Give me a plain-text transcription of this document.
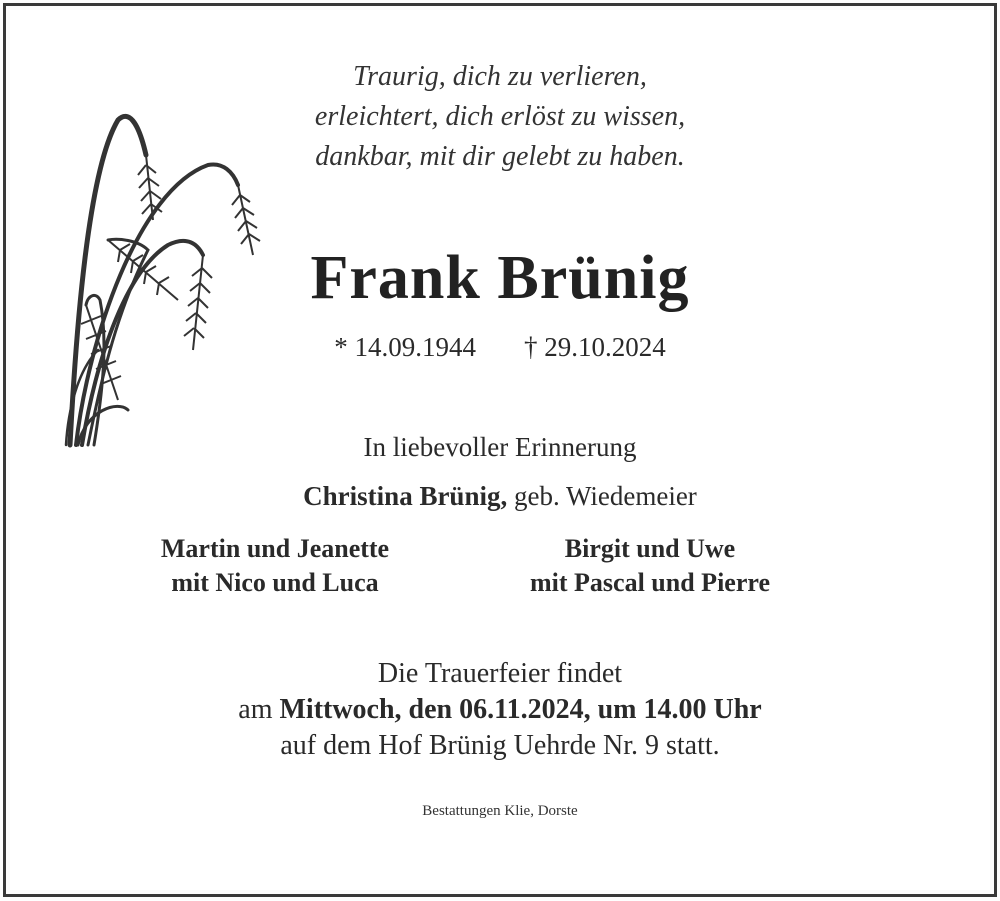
Traurig, dich zu verlieren,
erleichtert, dich erlöst zu wissen,
dankbar, mit dir gelebt zu haben.
Frank Brünig
* 14.09.1944 † 29.10.2024
In liebevoller Erinnerung
Christina Brünig, geb. Wiedemeier
Martin und Jeanette
mit Nico und Luca
Birgit und Uwe
mit Pascal und Pierre
Die Trauerfeier findet
am Mittwoch, den 06.11.2024, um 14.00 Uhr
auf dem Hof Brünig Uehrde Nr. 9 statt.
Bestattungen Klie, Dorste
